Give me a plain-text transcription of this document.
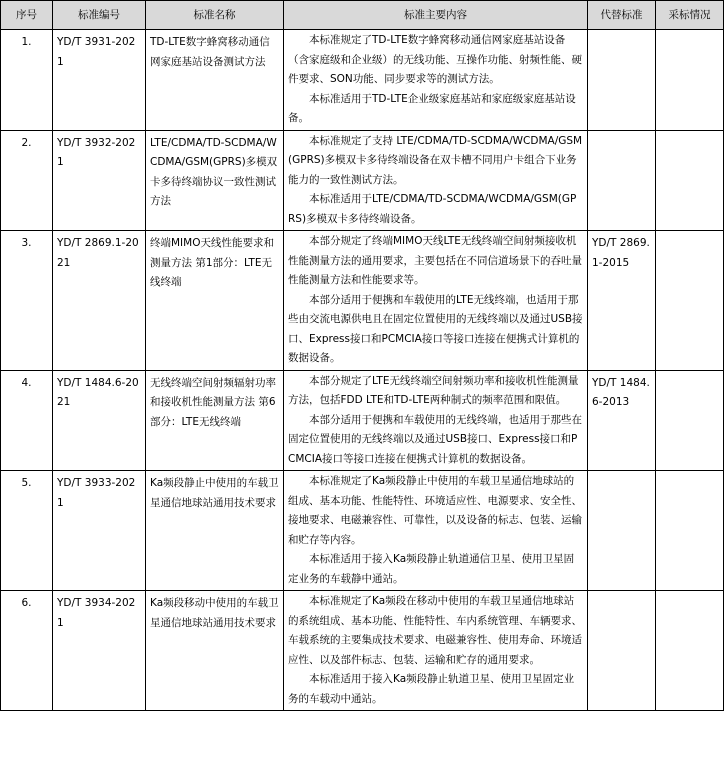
序号	标准编号	标准名称	标准主要内容	代替标准	采标情况
1.	YD/T 3931-2021	TD-LTE数字蜂窝移动通信网家庭基站设备测试方法	本标准规定了TD-LTE数字蜂窝移动通信网家庭基站设备（含家庭级和企业级）的无线功能、互操作功能、射频性能、硬件要求、SON功能、同步要求等的测试方法。

本标准适用于TD-LTE企业级家庭基站和家庭级家庭基站设备。		

2.	YD/T 3932-2021	LTE/CDMA/TD-SCDMA/WCDMA/GSM(GPRS)多模双卡多待终端协议一致性测试方法	本标准规定了支持 LTE/CDMA/TD-SCDMA/WCDMA/GSM(GPRS)多模双卡多待终端设备在双卡槽不同用户卡组合下业务能力的一致性测试方法。

本标准适用于LTE/CDMA/TD-SCDMA/WCDMA/GSM(GPRS)多模双卡多待终端设备。		

3.	YD/T 2869.1-2021	终端MIMO天线性能要求和测量方法 第1部分：LTE无线终端	本部分规定了终端MIMO天线LTE无线终端空间射频接收机性能测量方法的通用要求，主要包括在不同信道场景下的吞吐量性能测量方法和性能要求等。

本部分适用于便携和车载使用的LTE无线终端，也适用于那些由交流电源供电且在固定位置使用的无线终端以及通过USB接口、Express接口和PCMCIA接口等接口连接在便携式计算机的数据设备。	YD/T 2869.1-2015	
4.	YD/T 1484.6-2021	无线终端空间射频辐射功率和接收机性能测量方法 第6部分：LTE无线终端	本部分规定了LTE无线终端空间射频功率和接收机性能测量方法，包括FDD LTE和TD-LTE两种制式的频率范围和限值。

本部分适用于便携和车载使用的无线终端，也适用于那些在固定位置使用的无线终端以及通过USB接口、Express接口和PCMCIA接口等接口连接在便携式计算机的数据设备。	YD/T 1484.6-2013	
5.	YD/T 3933-2021	Ka频段静止中使用的车载卫星通信地球站通用技术要求	本标准规定了Ka频段静止中使用的车载卫星通信地球站的组成、基本功能、性能特性、环境适应性、电源要求、安全性、接地要求、电磁兼容性、可靠性，以及设备的标志、包装、运输和贮存等内容。

本标准适用于接入Ka频段静止轨道通信卫星、使用卫星固定业务的车载静中通站。		

6.	YD/T 3934-2021	Ka频段移动中使用的车载卫星通信地球站通用技术要求	本标准规定了Ka频段在移动中使用的车载卫星通信地球站的系统组成、基本功能、性能特性、车内系统管理、车辆要求、车载系统的主要集成技术要求、电磁兼容性、使用寿命、环境适应性、以及部件标志、包装、运输和贮存的通用要求。

本标准适用于接入Ka频段静止轨道卫星、使用卫星固定业务的车载动中通站。		
